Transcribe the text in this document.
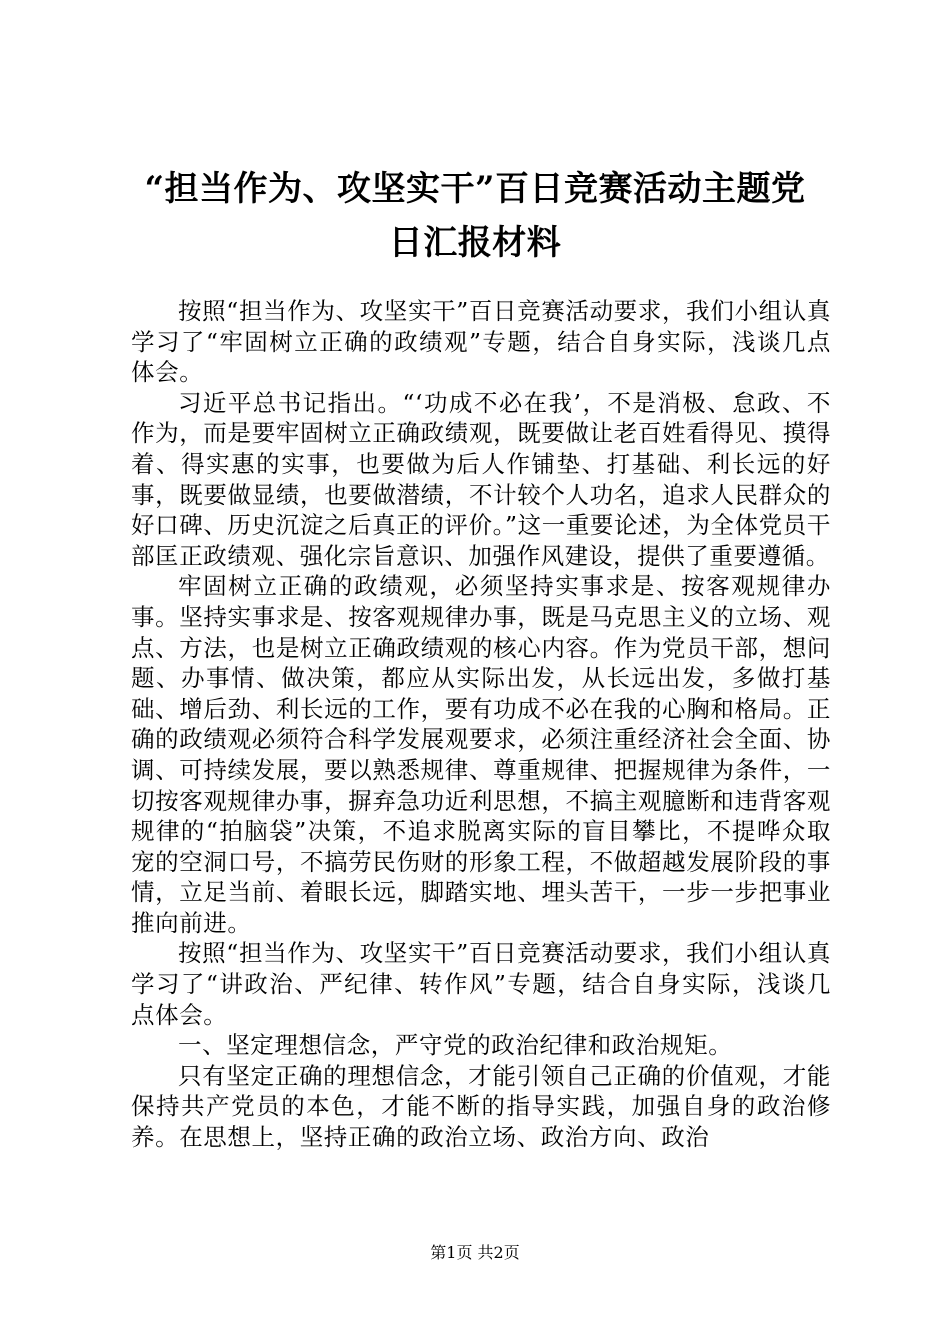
“担当作为、攻坚实干”百日竞赛活动主题党
日汇报材料

按照“担当作为、攻坚实干”百日竞赛活动要求，我们小组认真学习了“牢固树立正确的政绩观”专题，结合自身实际，浅谈几点体会。

习近平总书记指出。“‘功成不必在我’，不是消极、怠政、不作为，而是要牢固树立正确政绩观，既要做让老百姓看得见、摸得着、得实惠的实事，也要做为后人作铺垫、打基础、利长远的好事，既要做显绩，也要做潜绩，不计较个人功名，追求人民群众的好口碑、历史沉淀之后真正的评价。”这一重要论述，为全体党员干部匡正政绩观、强化宗旨意识、加强作风建设，提供了重要遵循。

牢固树立正确的政绩观，必须坚持实事求是、按客观规律办事。坚持实事求是、按客观规律办事，既是马克思主义的立场、观点、方法，也是树立正确政绩观的核心内容。作为党员干部，想问题、办事情、做决策，都应从实际出发，从长远出发，多做打基础、增后劲、利长远的工作，要有功成不必在我的心胸和格局。正确的政绩观必须符合科学发展观要求，必须注重经济社会全面、协调、可持续发展，要以熟悉规律、尊重规律、把握规律为条件，一切按客观规律办事，摒弃急功近利思想，不搞主观臆断和违背客观规律的“拍脑袋”决策，不追求脱离实际的盲目攀比，不提哗众取宠的空洞口号，不搞劳民伤财的形象工程，不做超越发展阶段的事情，立足当前、着眼长远，脚踏实地、埋头苦干，一步一步把事业推向前进。

按照“担当作为、攻坚实干”百日竞赛活动要求，我们小组认真学习了“讲政治、严纪律、转作风”专题，结合自身实际，浅谈几点体会。

一、坚定理想信念，严守党的政治纪律和政治规矩。

只有坚定正确的理想信念，才能引领自己正确的价值观，才能保持共产党员的本色，才能不断的指导实践，加强自身的政治修养。在思想上，坚持正确的政治立场、政治方向、政治

第1页 共2页
